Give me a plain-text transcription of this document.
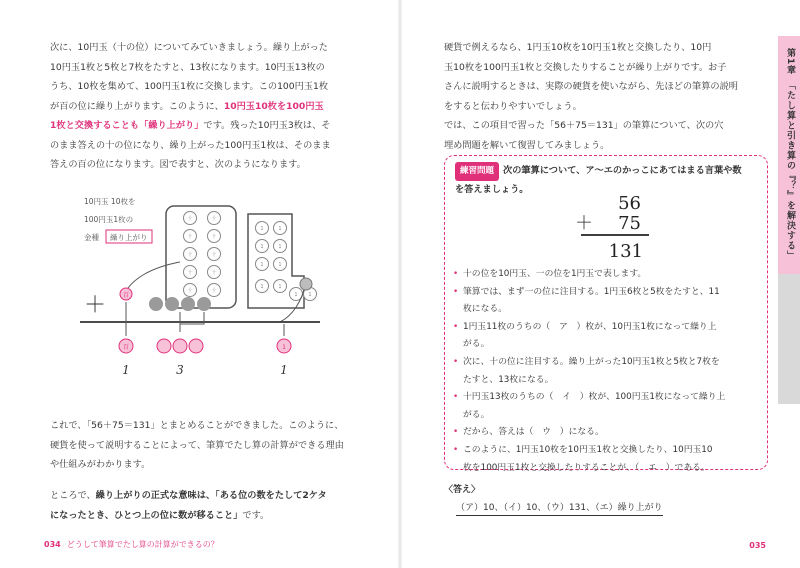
次に、10円玉（十の位）についてみていきましょう。繰り上がった
10円玉1枚と5枚と7枚をたすと、13枚になります。10円玉13枚の
うち、10枚を集めて、100円玉1枚に交換します。この100円玉1枚
が百の位に繰り上がります。このように、10円玉10枚を100円玉
1枚と交換することも「繰り上がり」です。残った10円玉3枚は、そ
のまま答えの十の位になり、繰り上がった100円玉1枚は、そのまま
答えの百の位になります。図で表すと、次のようになります。
10円玉 10枚を
100円玉1枚の
金種 繰り上がり
十	十
十	十
十	十
十	十
十	十
1	1
1	1
1	1
1	1
1 1
＋	百
百	1
1	3	1
これで、「56＋75＝131」とまとめることができました。このように、
硬貨を使って説明することによって、筆算でたし算の計算ができる理由
や仕組みがわかります。
ところで、繰り上がりの正式な意味は、「ある位の数をたして2ケタ
になったとき、ひとつ上の位に数が移ること」です。
034 どうして筆算でたし算の計算ができるの？
硬貨で例えるなら、1円玉10枚を10円玉1枚と交換したり、10円
玉10枚を100円玉1枚と交換したりすることが繰り上がりです。お子
さんに説明するときは、実際の硬貨を使いながら、先ほどの筆算の説明
をすると伝わりやすいでしょう。
では、この項目で習った「56＋75＝131」の筆算について、次の穴
埋め問題を解いて復習してみましょう。
練習問題 次の筆算について、ア～エのかっこにあてはまる言葉や数
を答えましょう。
56
＋ 75
131
• 十の位を10円玉、一の位を1円玉で表します。
• 筆算では、まず一の位に注目する。1円玉6枚と5枚をたすと、11
枚になる。
• 1円玉11枚のうちの（　ア　）枚が、10円玉1枚になって繰り上
がる。
• 次に、十の位に注目する。繰り上がった10円玉1枚と5枚と7枚を
たすと、13枚になる。
• 十円玉13枚のうちの（　イ　）枚が、100円玉1枚になって繰り上
がる。
• だから、答えは（　ウ　）になる。
• このように、1円玉10枚を10円玉1枚と交換したり、10円玉10
枚を100円玉1枚と交換したりすることが、（　エ　）である。
〈答え〉
（ア）10、（イ）10、（ウ）131、（エ）繰り上がり
035
第1章　「たし算と引き算の『？』を解決する」
